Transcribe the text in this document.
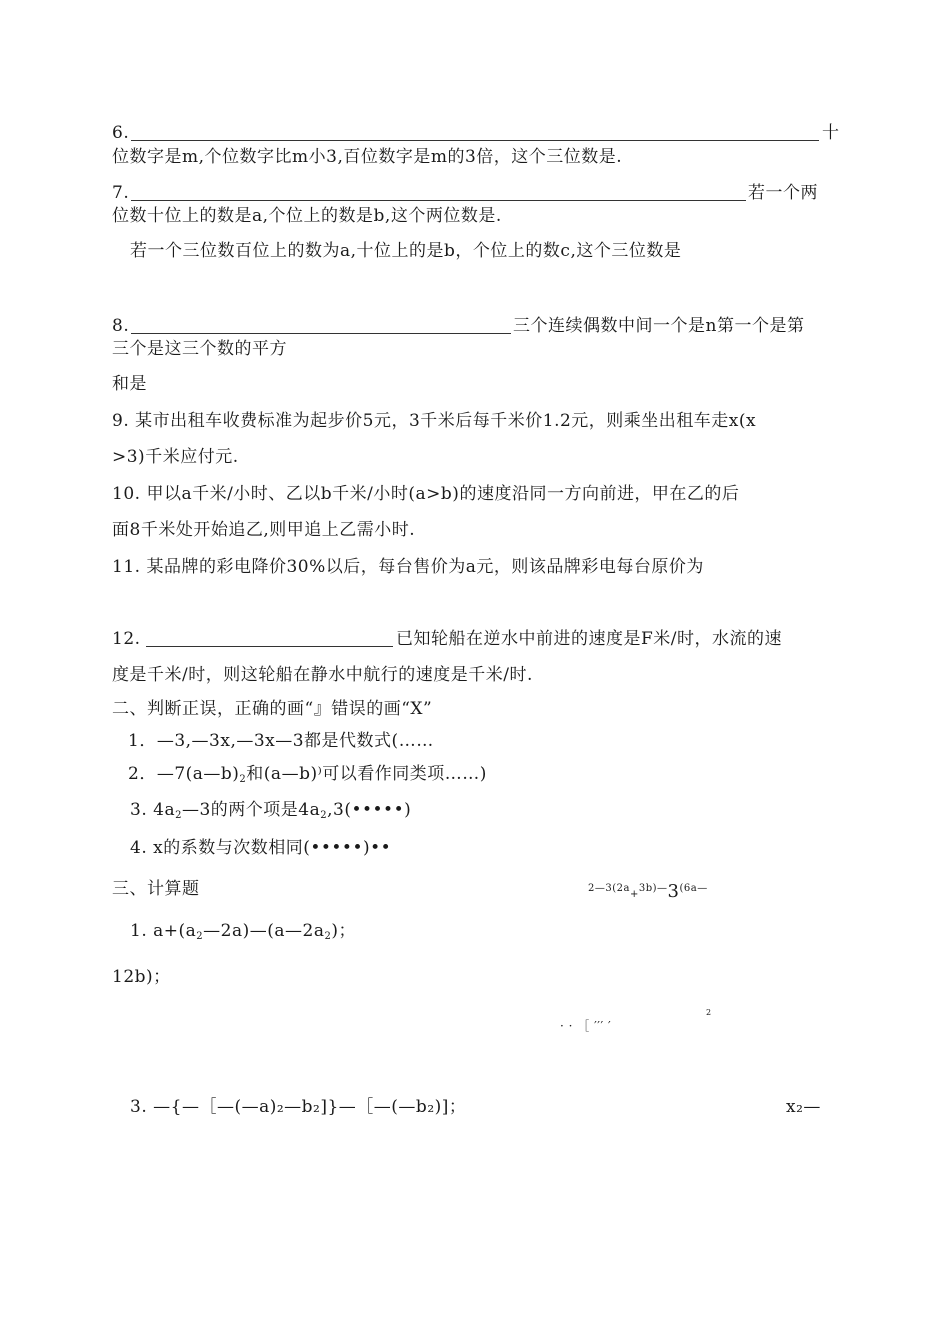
6.	十
位数字是m,个位数字比m小3,百位数字是m的3倍，这个三位数是.
7.	若一个两
位数十位上的数是a,个位上的数是b,这个两位数是.
若一个三位数百位上的数为a,十位上的是b，个位上的数c,这个三位数是
8.	三个连续偶数中间一个是n第一个是第
三个是这三个数的平方
和是
9. 某市出租车收费标准为起步价5元，3千米后每千米价1.2元，则乘坐出租车走x(x
>3)千米应付元.
10. 甲以a千米/小时、乙以b千米/小时(a>b)的速度沿同一方向前进，甲在乙的后
面8千米处开始追乙,则甲追上乙需小时.
11. 某品牌的彩电降价30%以后，每台售价为a元，则该品牌彩电每台原价为
12.	已知轮船在逆水中前进的速度是F米/时，水流的速
度是千米/时，则这轮船在静水中航行的速度是千米/时.
二、判断正误，正确的画“』错误的画“X”
1．—3,—3x,—3x—3都是代数式(……
2．$—7(a—b)_2$和(a—b)⁾可以看作同类项……)
3. $4a_2—3$的两个项是$4a_2,3(•••••)$
4. x的系数与次数相同(•••••)••
三、计算题	$^{2—3(2a}+^{3b)—}3^{(6a—}$
1. $a+(a_2—2a)—(a—2a_2)$；
12b)；
· · ［ ′′′ ′
2
3. —{—［—(—a)₂—b₂]}—［—(—b₂)]；	x₂—
